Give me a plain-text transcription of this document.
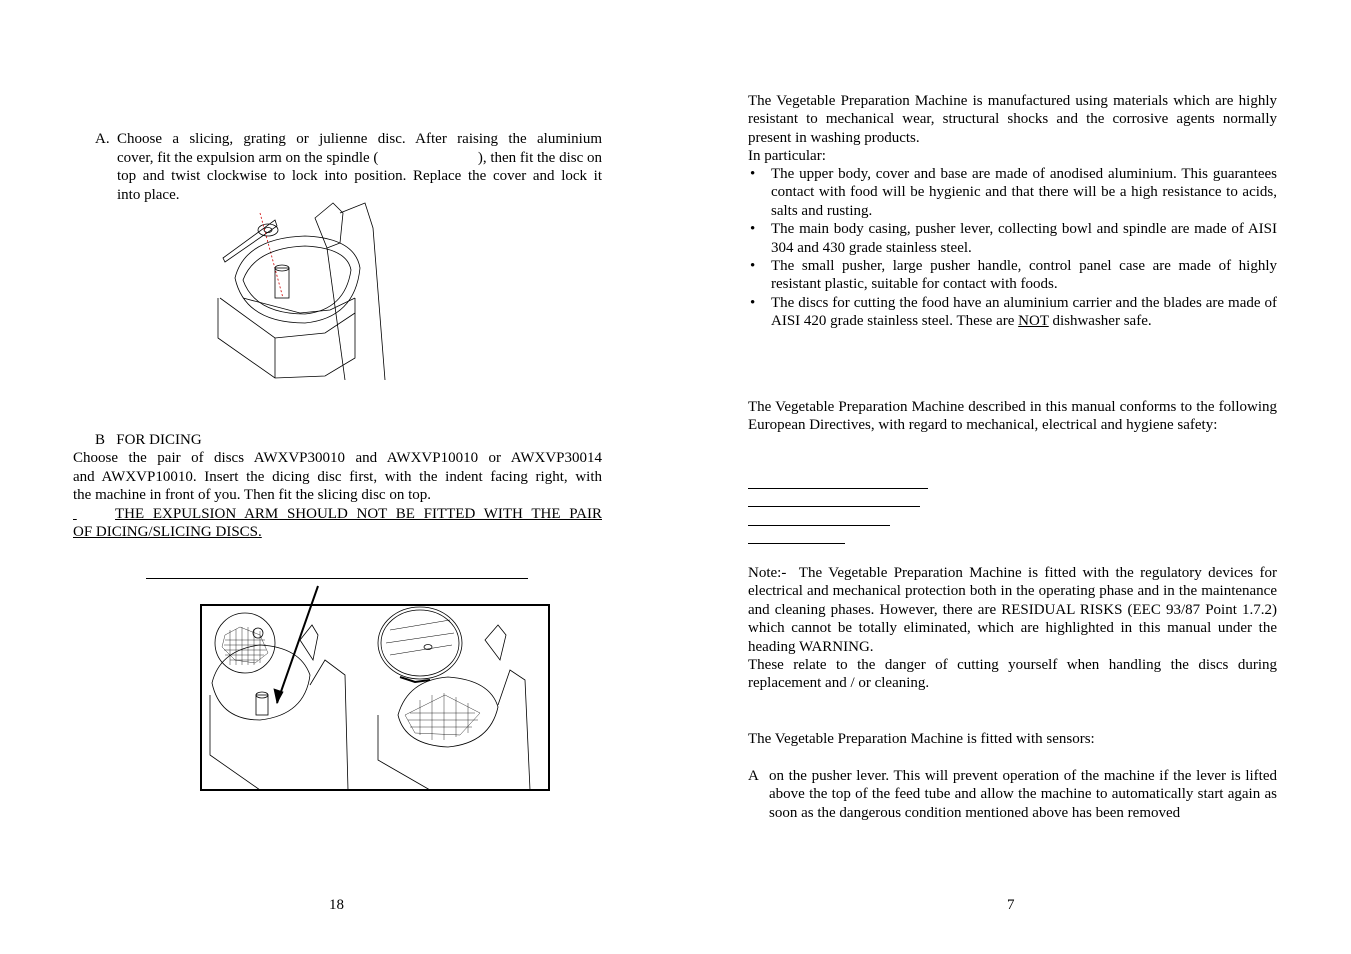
A. Choose a slicing, grating or julienne disc. After raising the aluminium
cover, fit the expulsion arm on the spindle (	), then fit the disc on
top and twist clockwise to lock into position. Replace the cover and lock it
into place.
B   FOR DICING
Choose the pair of discs AWXVP30010 and AWXVP10010 or AWXVP30014
and AWXVP10010. Insert the dicing disc first, with the indent facing right, with
the machine in front of you. Then fit the slicing disc on top.

THE EXPULSION ARM SHOULD NOT BE FITTED WITH THE PAIR
OF DICING/SLICING DISCS.
18
The Vegetable Preparation Machine is manufactured using materials which are highly resistant to mechanical wear, structural shocks and the corrosive agents normally present in washing products.
In particular:
• The upper body, cover and base are made of anodised aluminium. This guarantees contact with food will be hygienic and that there will be a high resistance to acids, salts and rusting.
• The main body casing, pusher lever, collecting bowl and spindle are made of AISI 304 and 430 grade stainless steel.
• The small pusher, large pusher handle, control panel case are made of highly resistant plastic, suitable for contact with foods.
• The discs for cutting the food have an aluminium carrier and the blades are made of AISI 420 grade stainless steel. These are NOT dishwasher safe.
The Vegetable Preparation Machine described in this manual conforms to the following European Directives, with regard to mechanical, electrical and hygiene safety:
Note:- The Vegetable Preparation Machine is fitted with the regulatory devices for electrical and mechanical protection both in the operating phase and in the maintenance and cleaning phases. However, there are RESIDUAL RISKS (EEC 93/87 Point 1.7.2) which cannot be totally eliminated, which are highlighted in this manual under the heading WARNING.
These relate to the danger of cutting yourself when handling the discs during replacement and / or cleaning.
The Vegetable Preparation Machine is fitted with sensors:
A on the pusher lever. This will prevent operation of the machine if the lever is lifted above the top of the feed tube and allow the machine to automatically start again as soon as the dangerous condition mentioned above has been removed
7
